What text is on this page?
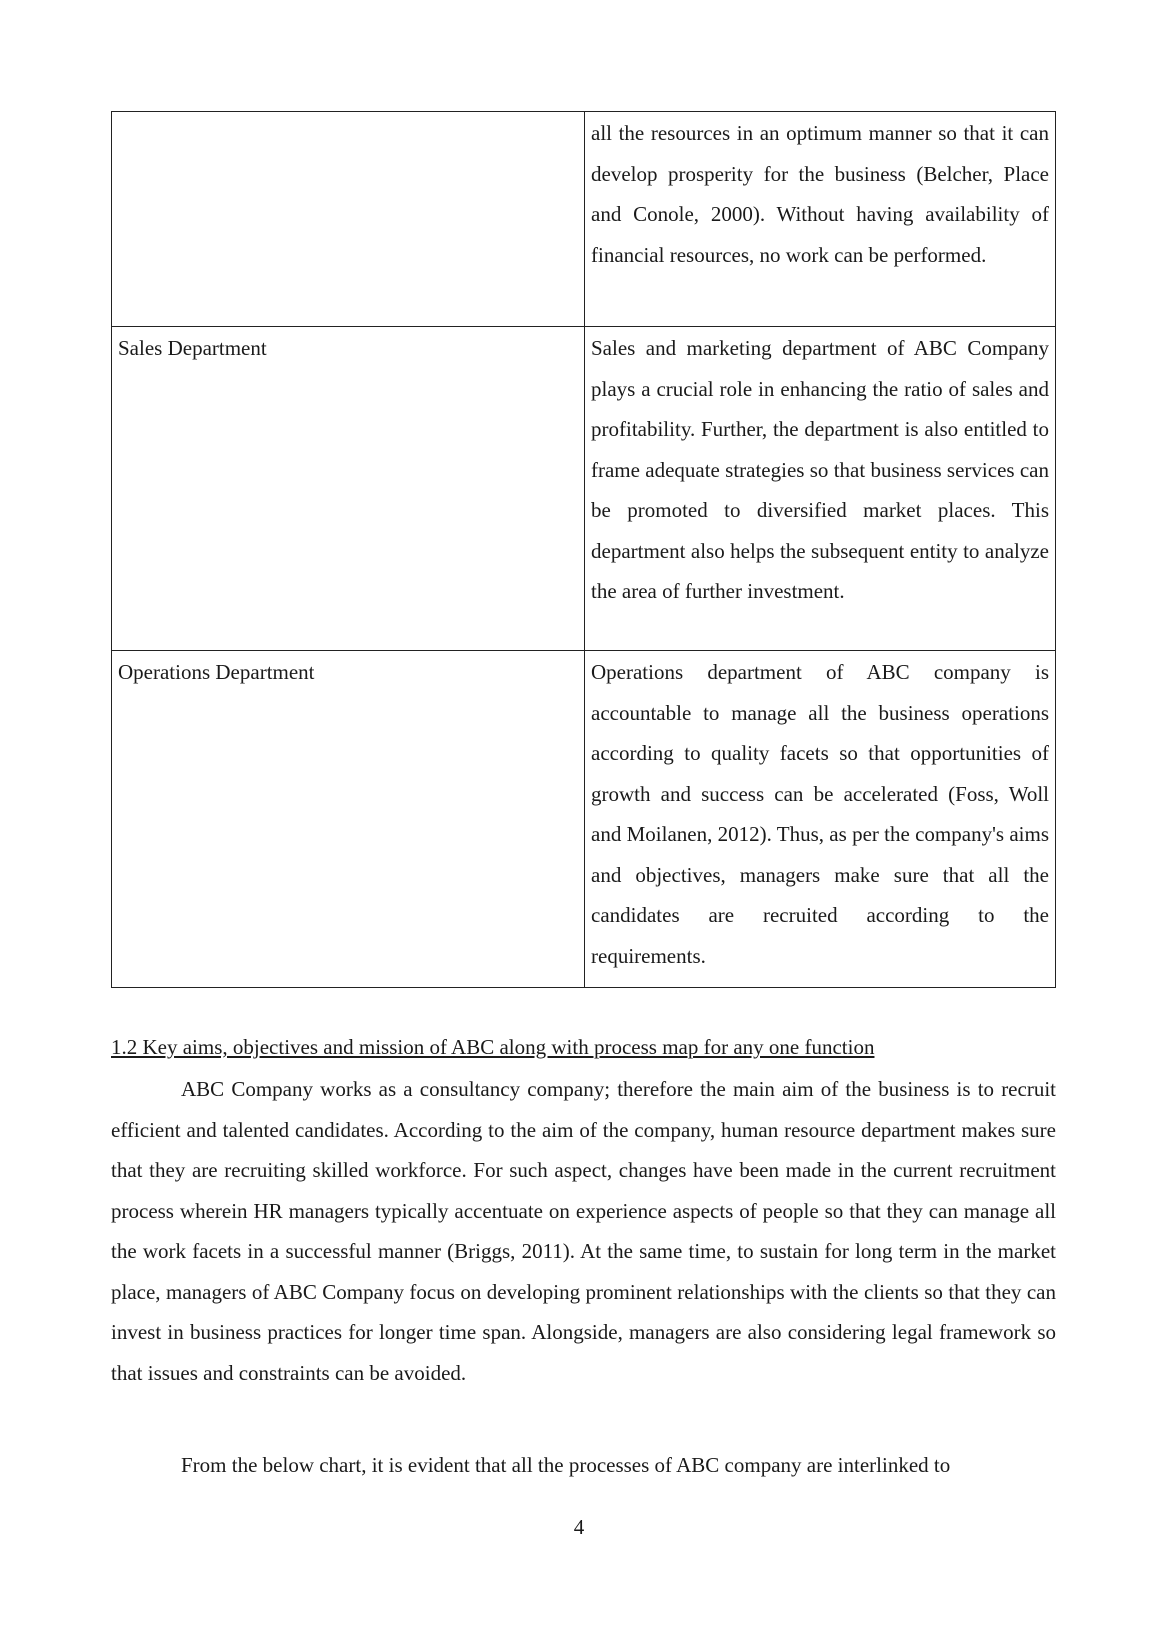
	all the resources in an optimum manner so that it can develop prosperity for the business (Belcher, Place and Conole, 2000). Without having availability of financial resources, no work can be performed.

Sales Department	Sales and marketing department of ABC Company plays a crucial role in enhancing the ratio of sales and profitability. Further, the department is also entitled to frame adequate strategies so that business services can be promoted to diversified market places. This department also helps the subsequent entity to analyze the area of further investment.

Operations Department	Operations department of ABC company is accountable to manage all the business operations according to quality facets so that opportunities of growth and success can be accelerated (Foss, Woll and Moilanen, 2012). Thus, as per the company's aims and objectives, managers make sure that all the candidates are recruited according to the requirements.
1.2 Key aims, objectives and mission of ABC along with process map for any one function

ABC Company works as a consultancy company; therefore the main aim of the business is to recruit efficient and talented candidates. According to the aim of the company, human resource department makes sure that they are recruiting skilled workforce. For such aspect, changes have been made in the current recruitment process wherein HR managers typically accentuate on experience aspects of people so that they can manage all the work facets in a successful manner (Briggs, 2011). At the same time, to sustain for long term in the market place, managers of ABC Company focus on developing prominent relationships with the clients so that they can invest in business practices for longer time span. Alongside, managers are also considering legal framework so that issues and constraints can be avoided.

From the below chart, it is evident that all the processes of ABC company are interlinked to

4
